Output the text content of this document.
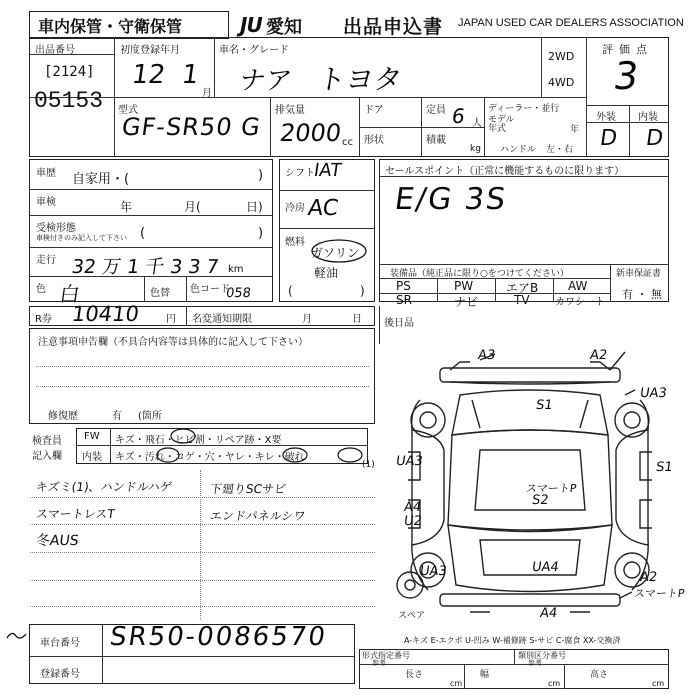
車内保管・守衛保管	JU 愛知 出品申込書 JAPAN USED CAR DEALERS ASSOCIATION
出品番号
[2124]
05153
初度登録年月
12 1
月
車名・グレード
ナア トヨタ
2WD
4WD
評価点
3
外装 内装
D D
型式
GF-SR50 G
排気量
2000
cc
ドア
形状
定員 6 人
積載
kg
ディーラー・並行
モデル
年式	年
ハンドル 左・右
車歴 自家用・(	)
車検	年	月(	日)
受検形態
車検付きのみ記入して下さい (	)
走行 32 万 1 千 3 3 7 km
色 白	色替 色コード
058
シフト
IAT
冷房 AC
燃料
ガソリン
軽油
(	)
セールスポイント（正常に機能するものに限ります）
E/G 3S
装備品（純正品に限り○をつけてください）
PS	PW	エアB AW
SR	ナビ	TV	カワシート
新車保証書
有 ・ 無
R券 10410	円 名変通知期限	月	日
注意事項申告欄（不具合内容等は具体的に記入して下さい）
修復歴	有 (箇所
後日品
検査員
記入欄
FW キズ・飛石・ヒビ割・リペア跡・X要
内装 キズ・汚れ・コゲ・穴・ヤレ・キレ・破れ
(1)
キズミ(1)、ハンドルハゲ	下廻りSCサビ
スマートレスT	エンドパネルシワ
冬AUS
車台番号 SR50-0086570
登録番号
A-キズ E-エクボ U-凹み W-補修跡 S-サビ C-腐食 XX-交換済
形式指定番号
参考
類別区分番号
参考
長さ	幅	高さ
cm	cm	cm
A3	A2
UA3
S1
UA3	S1
スマートP
S2
A4
U2
UA3	UA4
A2
スマートP
A4
スペア
